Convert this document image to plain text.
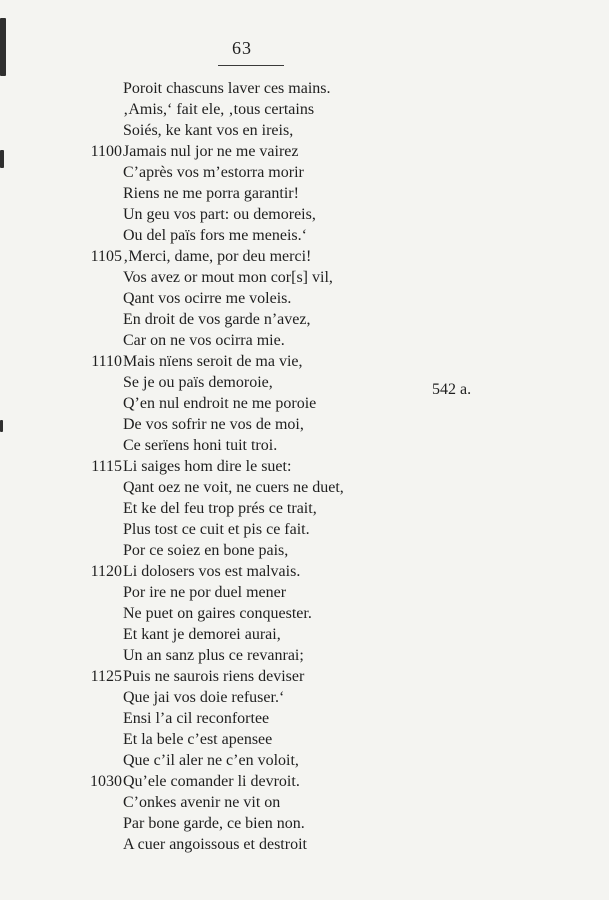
63
Poroit chascuns laver ces mains.
‚Amis,‘ fait ele, ‚tous certains
Soiés, ke kant vos en ireis,
1100 Jamais nul jor ne me vairez
C’après vos m’estorra morir
Riens ne me porra garantir!
Un geu vos part: ou demoreis,
Ou del païs fors me meneis.‘
1105 ‚Merci, dame, por deu merci!
Vos avez or mout mon cor[s] vil,
Qant vos ocirre me voleis.
En droit de vos garde n’avez,
Car on ne vos ocirra mie.
1110 Mais nïens seroit de ma vie,
Se je ou païs demoroie,
Q’en nul endroit ne me poroie
De vos sofrir ne vos de moi,
Ce serïens honi tuit troi.
1115 Li saiges hom dire le suet:
Qant oez ne voit, ne cuers ne duet,
Et ke del feu trop prés ce trait,
Plus tost ce cuit et pis ce fait.
Por ce soiez en bone pais,
1120 Li dolosers vos est malvais.
Por ire ne por duel mener
Ne puet on gaires conquester.
Et kant je demorei aurai,
Un an sanz plus ce revanrai;
1125 Puis ne saurois riens deviser
Que jai vos doie refuser.‘
Ensi l’a cil reconfortee
Et la bele c’est apensee
Que c’il aler ne c’en voloit,
1030 Qu’ele comander li devroit.
C’onkes avenir ne vit on
Par bone garde, ce bien non.
A cuer angoissous et destroit
542 a.
